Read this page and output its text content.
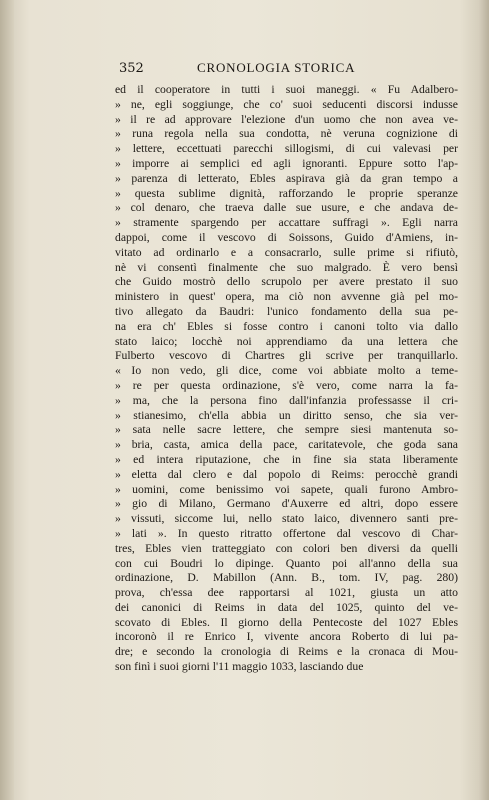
352	CRONOLOGIA STORICA
ed il cooperatore in tutti i suoi maneggi. « Fu Adalbero-
» ne, egli soggiunge, che co' suoi seducenti discorsi indusse
» il re ad approvare l'elezione d'un uomo che non avea ve-
» runa regola nella sua condotta, nè veruna cognizione di
» lettere, eccettuati parecchi sillogismi, di cui valevasi per
» imporre ai semplici ed agli ignoranti. Eppure sotto l'ap-
» parenza di letterato, Ebles aspirava già da gran tempo a
» questa sublime dignità, rafforzando le proprie speranze
» col denaro, che traeva dalle sue usure, e che andava de-
» stramente spargendo per accattare suffragi ». Egli narra
dappoi, come il vescovo di Soissons, Guido d'Amiens, in-
vitato ad ordinarlo e a consacrarlo, sulle prime si rifiutò,
nè vi consentì finalmente che suo malgrado. È vero bensì
che Guido mostrò dello scrupolo per avere prestato il suo
ministero in quest' opera, ma ciò non avvenne già pel mo-
tivo allegato da Baudri: l'unico fondamento della sua pe-
na era ch' Ebles si fosse contro i canoni tolto via dallo
stato laico; locchè noi apprendiamo da una lettera che
Fulberto vescovo di Chartres gli scrive per tranquillarlo.
« Io non vedo, gli dice, come voi abbiate molto a teme-
» re per questa ordinazione, s'è vero, come narra la fa-
» ma, che la persona fino dall'infanzia professasse il cri-
» stianesimo, ch'ella abbia un diritto senso, che sia ver-
» sata nelle sacre lettere, che sempre siesi mantenuta so-
» bria, casta, amica della pace, caritatevole, che goda sana
» ed intera riputazione, che in fine sia stata liberamente
» eletta dal clero e dal popolo di Reims: perocchè grandi
» uomini, come benissimo voi sapete, quali furono Ambro-
» gio di Milano, Germano d'Auxerre ed altri, dopo essere
» vissuti, siccome lui, nello stato laico, divennero santi pre-
» lati ». In questo ritratto offertone dal vescovo di Char-
tres, Ebles vien tratteggiato con colori ben diversi da quelli
con cui Boudri lo dipinge. Quanto poi all'anno della sua
ordinazione, D. Mabillon (Ann. B., tom. IV, pag. 280)
prova, ch'essa dee rapportarsi al 1021, giusta un atto
dei canonici di Reims in data del 1025, quinto del ve-
scovato di Ebles. Il giorno della Pentecoste del 1027 Ebles
incoronò il re Enrico I, vivente ancora Roberto di lui pa-
dre; e secondo la cronologia di Reims e la cronaca di Mou-
son finì i suoi giorni l'11 maggio 1033, lasciando due
